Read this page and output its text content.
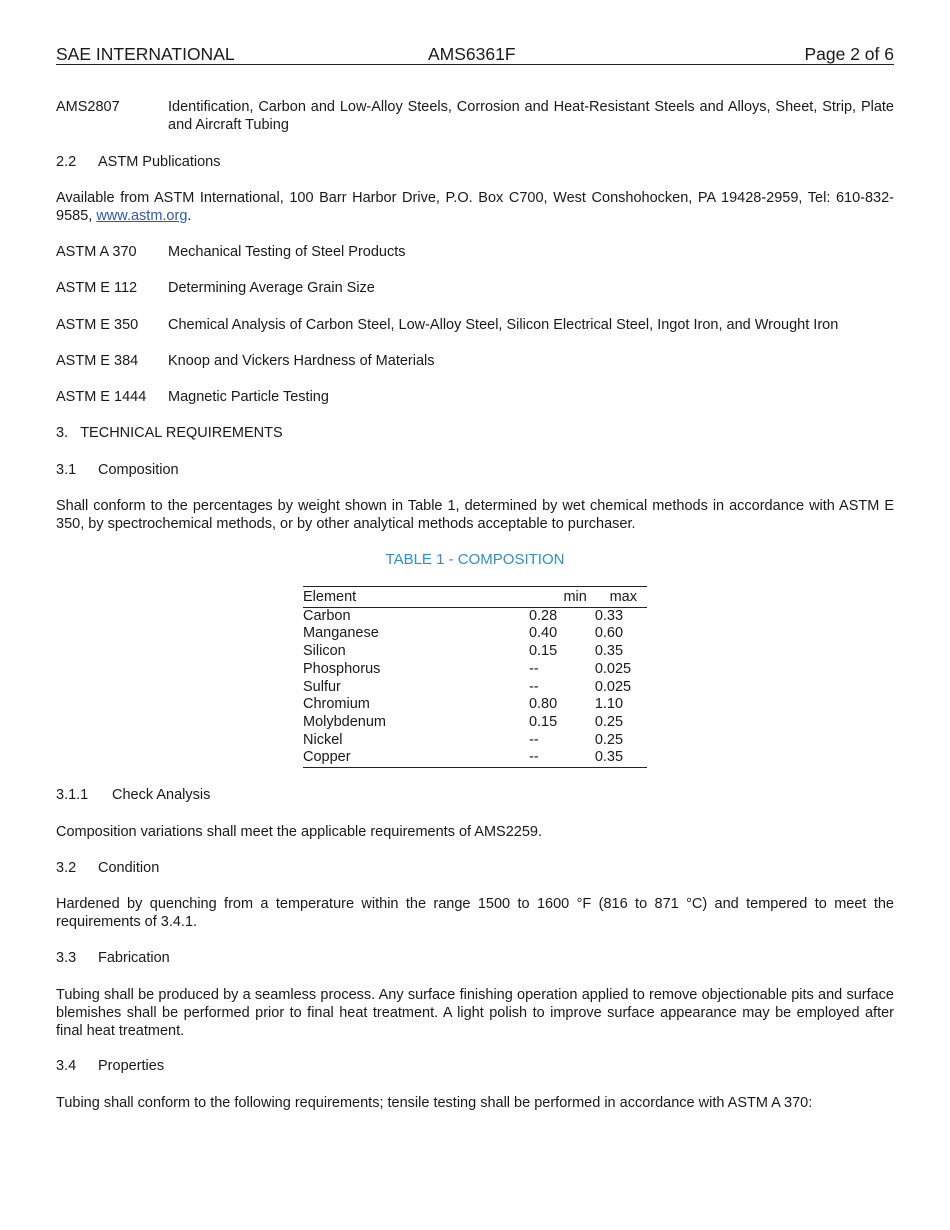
SAE INTERNATIONAL	AMS6361F	Page 2 of 6
AMS2807	Identification, Carbon and Low-Alloy Steels, Corrosion and Heat-Resistant Steels and Alloys, Sheet, Strip, Plate and Aircraft Tubing
2.2 ASTM Publications
Available from ASTM International, 100 Barr Harbor Drive, P.O. Box C700, West Conshohocken, PA 19428-2959, Tel: 610-832-9585, www.astm.org.
ASTM A 370	Mechanical Testing of Steel Products
ASTM E 112	Determining Average Grain Size
ASTM E 350	Chemical Analysis of Carbon Steel, Low-Alloy Steel, Silicon Electrical Steel, Ingot Iron, and Wrought Iron
ASTM E 384	Knoop and Vickers Hardness of Materials
ASTM E 1444	Magnetic Particle Testing
3. TECHNICAL REQUIREMENTS
3.1 Composition
Shall conform to the percentages by weight shown in Table 1, determined by wet chemical methods in accordance with ASTM E 350, by spectrochemical methods, or by other analytical methods acceptable to purchaser.
TABLE 1 - COMPOSITION
Element	min	max
Carbon	0.28	0.33
Manganese	0.40	0.60
Silicon	0.15	0.35
Phosphorus	--	0.025
Sulfur	--	0.025
Chromium	0.80	1.10
Molybdenum	0.15	0.25
Nickel	--	0.25
Copper	--	0.35
3.1.1 Check Analysis
Composition variations shall meet the applicable requirements of AMS2259.
3.2 Condition
Hardened by quenching from a temperature within the range 1500 to 1600 °F (816 to 871 °C) and tempered to meet the requirements of 3.4.1.
3.3 Fabrication
Tubing shall be produced by a seamless process. Any surface finishing operation applied to remove objectionable pits and surface blemishes shall be performed prior to final heat treatment. A light polish to improve surface appearance may be employed after final heat treatment.
3.4 Properties
Tubing shall conform to the following requirements; tensile testing shall be performed in accordance with ASTM A 370:
